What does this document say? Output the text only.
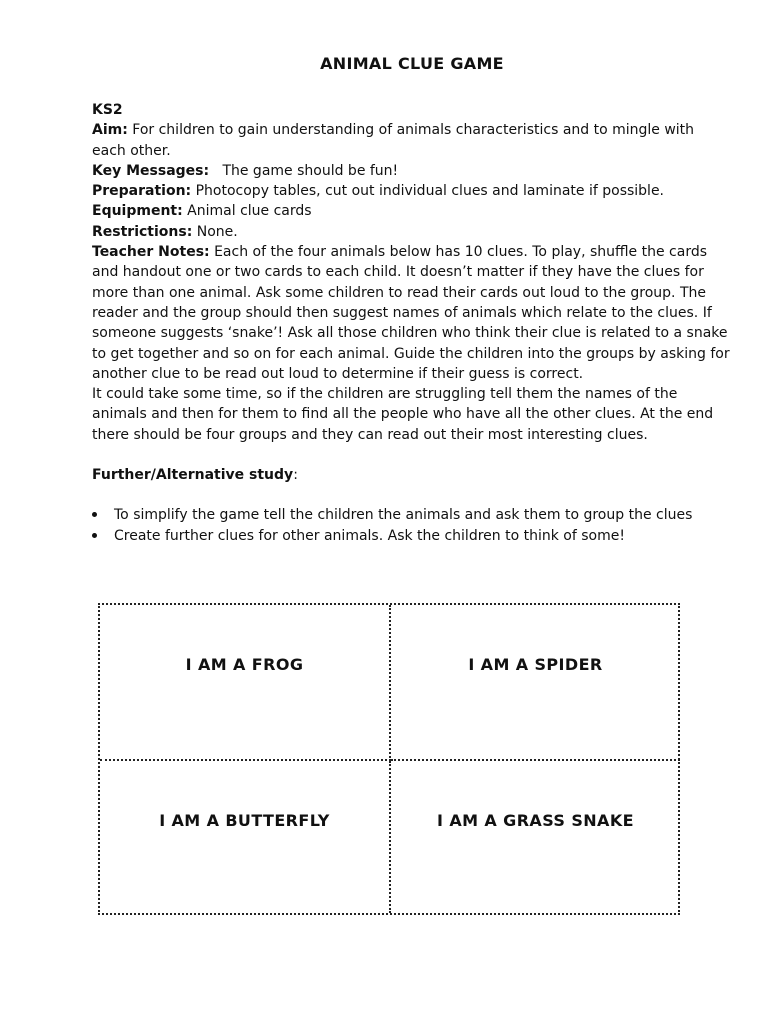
ANIMAL CLUE GAME

KS2

Aim: For children to gain understanding of animals characteristics and to mingle with each other.

Key Messages:   The game should be fun!

Preparation: Photocopy tables, cut out individual clues and laminate if possible.

Equipment: Animal clue cards

Restrictions: None.

Teacher Notes: Each of the four animals below has 10 clues. To play, shuffle the cards and handout one or two cards to each child. It doesn’t matter if they have the clues for more than one animal. Ask some children to read their cards out loud to the group. The reader and the group should then suggest names of animals which relate to the clues. If someone suggests ‘snake’! Ask all those children who think their clue is related to a snake to get together and so on for each animal. Guide the children into the groups by asking for another clue to be read out loud to determine if their guess is correct.

It could take some time, so if the children are struggling tell them the names of the animals and then for them to find all the people who have all the other clues. At the end there should be four groups and they can read out their most interesting clues.

Further/Alternative study:

To simplify the game tell the children the animals and ask them to group the clues
Create further clues for other animals. Ask the children to think of some!
I AM A FROG	I AM A SPIDER
I AM A BUTTERFLY	I AM A GRASS SNAKE
